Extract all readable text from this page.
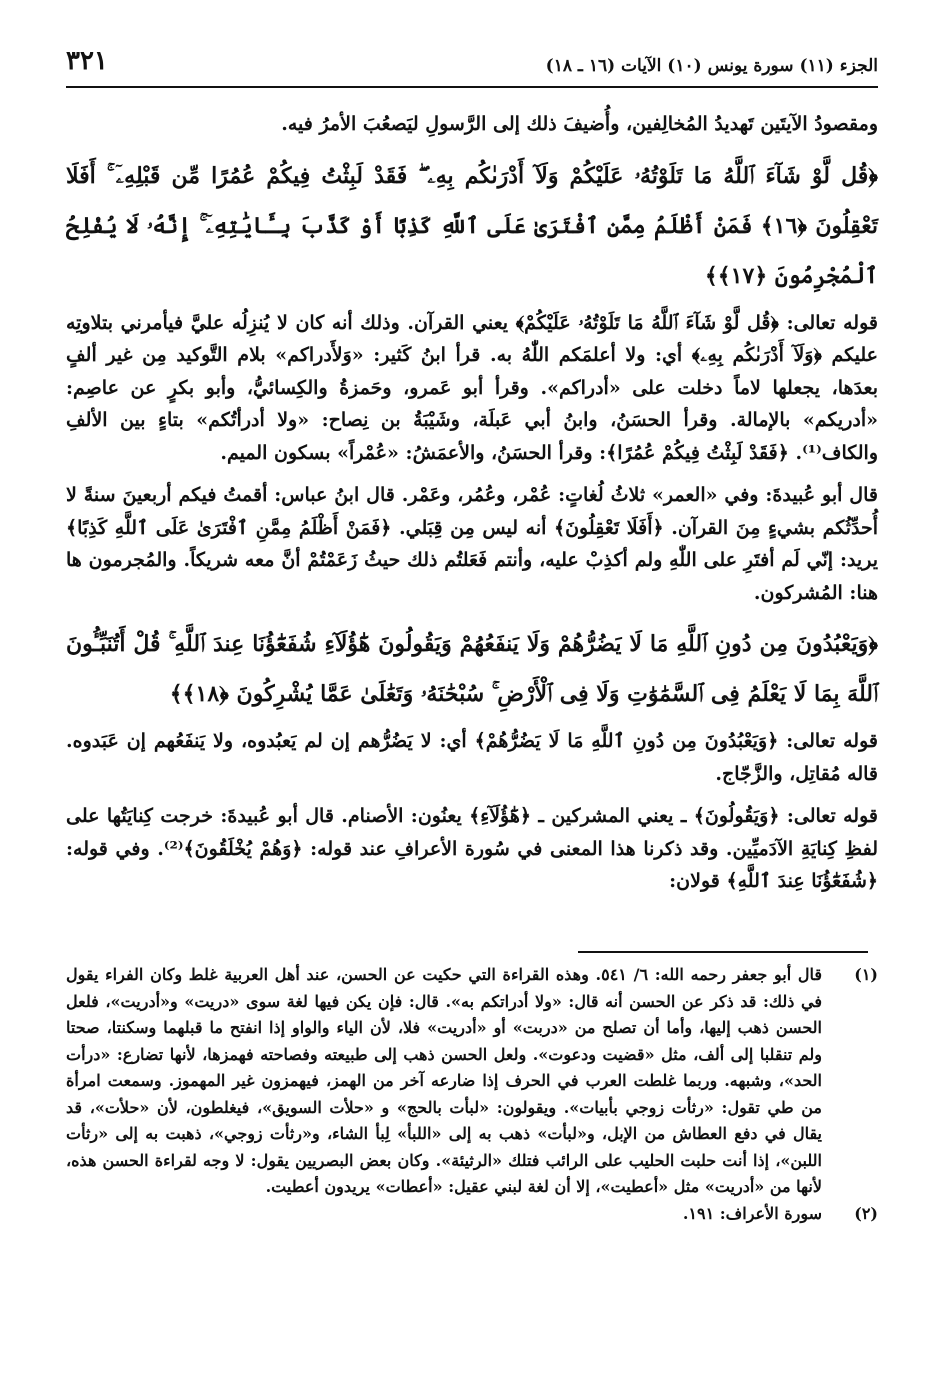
الجزء (١١) سورة يونس (١٠) الآيات (١٦ ـ ١٨)
٣٢١

ومقصودُ الآيتَين تَهديدُ المُخالِفين، وأُضيفَ ذلك إلى الرَّسولِ ليَصعُبَ الأمرُ فيه.

﴿قُل لَّوْ شَآءَ ٱللَّهُ مَا تَلَوْتُهُۥ عَلَيْكُمْ وَلَآ أَدْرَىٰكُم بِهِۦ ۖ فَقَدْ لَبِثْتُ فِيكُمْ عُمُرًا مِّن قَبْلِهِۦٓ ۚ أَفَلَا تَعْقِلُونَ ﴿١٦﴾ فَمَنْ أَظْلَمُ مِمَّنِ ٱفْتَرَىٰ عَلَى ٱللَّهِ كَذِبًا أَوْ كَذَّبَ بِـَٔايَٰتِهِۦٓ ۚ إِنَّهُۥ لَا يُفْلِحُ ٱلْمُجْرِمُونَ ﴿١٧﴾﴾

قوله تعالى: ﴿قُل لَّوْ شَآءَ ٱللَّهُ مَا تَلَوْتُهُۥ عَلَيْكُمْ﴾ يعني القرآن. وذلك أنه كان لا يُنزِلُه عليَّ فيأمرني بتلاوتِه عليكم ﴿وَلَآ أَدْرَىٰكُم بِهِۦ﴾ أي: ولا أعلمَكم اللّٰهُ به. قرأ ابنُ كَثير: «وَلأَدراكم» بلام التَّوكيد مِن غير ألفٍ بعدَها، يجعلها لاماً دخلت على «أدراكم». وقرأ أبو عَمرو، وحَمزةُ والكِسائيُّ، وأبو بكرٍ عن عاصِم: «أدريكم» بالإمالة. وقرأ الحسَنُ، وابنُ أبي عَبلَة، وشَيْبَةُ بن نِصاح: «ولا أدرأتُكم» بتاءٍ بين الألفِ والكاف⁽¹⁾. ﴿فَقَدْ لَبِثْتُ فِيكُمْ عُمُرًا﴾: وقرأ الحسَنُ، والأعمَشُ: «عُمْراً» بسكون الميم.

قال أبو عُبيدةَ: وفي «العمر» ثلاثُ لُغاتٍ: عُمْر، وعُمُر، وعَمْر. قال ابنُ عباس: أقمتُ فيكم أربعينَ سنةً لا أُحدِّثُكم بشيءٍ مِنَ القرآن. ﴿أَفَلَا تَعْقِلُونَ﴾ أنه ليس مِن قِبَلي. ﴿فَمَنْ أَظْلَمُ مِمَّنِ ٱفْتَرَىٰ عَلَى ٱللَّهِ كَذِبًا﴾ يريد: إنّي لَم أفتَرِ على اللّٰهِ ولم أكذِبْ عليه، وأنتم فَعَلتُم ذلك حيثُ زَعَمْتُمْ أنَّ معه شريكاً. والمُجرمون ها هنا: المُشركون.

﴿وَيَعْبُدُونَ مِن دُونِ ٱللَّهِ مَا لَا يَضُرُّهُمْ وَلَا يَنفَعُهُمْ وَيَقُولُونَ هَٰٓؤُلَآءِ شُفَعَٰٓؤُنَا عِندَ ٱللَّهِ ۚ قُلْ أَتُنَبِّـُٔونَ ٱللَّهَ بِمَا لَا يَعْلَمُ فِى ٱلسَّمَٰوَٰتِ وَلَا فِى ٱلْأَرْضِ ۚ سُبْحَٰنَهُۥ وَتَعَٰلَىٰ عَمَّا يُشْرِكُونَ ﴿١٨﴾﴾

قوله تعالى: ﴿وَيَعْبُدُونَ مِن دُونِ ٱللَّهِ مَا لَا يَضُرُّهُمْ﴾ أي: لا يَضُرُّهم إن لم يَعبُدوه، ولا يَنفَعُهم إن عَبَدوه. قاله مُقاتِل، والزَّجّاج.

قوله تعالى: ﴿وَيَقُولُونَ﴾ ـ يعني المشركين ـ ﴿هَٰٓؤُلَآءِ﴾ يعنُون: الأصنام. قال أبو عُبيدةَ: خرجت كِنايَتُها على لفظِ كِنايَةِ الآدَميِّين. وقد ذكرنا هذا المعنى في سُورة الأعرافِ عند قوله: ﴿وَهُمْ يُخْلَقُونَ﴾⁽²⁾. وفي قوله: ﴿شُفَعَٰٓؤُنَا عِندَ ٱللَّهِ﴾ قولان:

(١)
قال أبو جعفر رحمه الله: ٦/ ٥٤١. وهذه القراءة التي حكيت عن الحسن، عند أهل العربية غلط وكان الفراء يقول في ذلك: قد ذكر عن الحسن أنه قال: «ولا أدراتكم به». قال: فإن يكن فيها لغة سوى «دريت» و«أدريت»، فلعل الحسن ذهب إليها، وأما أن تصلح من «دربت» أو «أدريت» فلا، لأن الياء والواو إذا انفتح ما قبلهما وسكنتا، صحتا ولم تنقلبا إلى ألف، مثل «قضيت ودعوت». ولعل الحسن ذهب إلى طبيعته وفصاحته فهمزها، لأنها تضارع: «درأت الحد»، وشبهه. وربما غلطت العرب في الحرف إذا ضارعه آخر من الهمز، فيهمزون غير المهموز. وسمعت امرأة من طي تقول: «رثأت زوجي بأبيات». ويقولون: «لبأت بالحج» و «حلأت السويق»، فيغلطون، لأن «حلأت»، قد يقال في دفع العطاش من الإبل، و«لبأت» ذهب به إلى «اللبأ» لِبأ الشاء، و«رثأت زوجي»، ذهبت به إلى «رثأت اللبن»، إذا أنت حلبت الحليب على الرائب فتلك «الرثيئة». وكان بعض البصريين يقول: لا وجه لقراءة الحسن هذه، لأنها من «أدريت» مثل «أعطيت»، إلا أن لغة لبني عقيل: «أعطات» يريدون أعطيت.
(٢)
سورة الأعراف: ١٩١.
